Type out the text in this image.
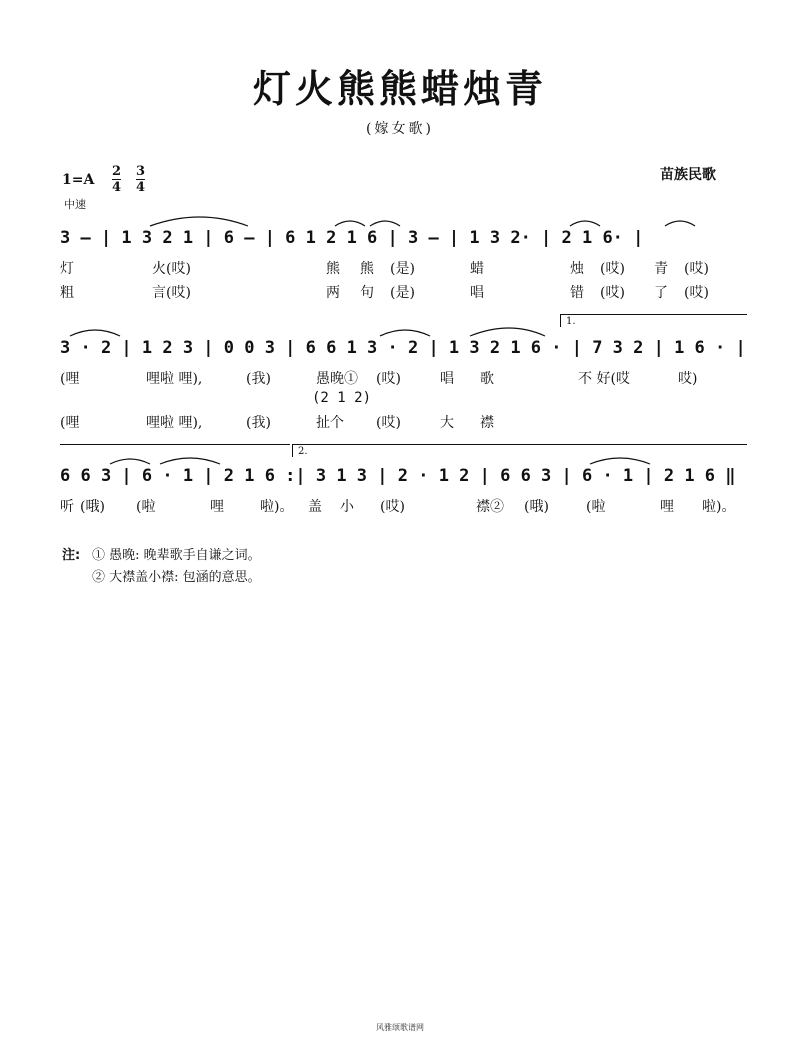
灯火熊熊蜡烛青
(嫁女歌)
苗族民歌
1=A
2
4
3
4
中速
3 – | 1 3 2 1 | 6 – | 6 1 2 1 6 | 3 – | 1 3 2· | 2 1 6· |
灯	火(哎)	熊 熊 (是)	蜡	烛 (哎) 青 (哎)
粗	言(哎)	两 句 (是)	唱	错 (哎) 了 (哎)
1.
3 · 2 | 1 2 3 | 0 0 3 | 6 6 1 3 · 2 | 1 3 2 1 6 · | 7 3 2 | 1 6 · |
(哩	哩啦 哩),	(我)	愚晚① (哎)	唱 歌	不 好(哎	哎)
(2 1 2)
(哩	哩啦 哩),	(我)	扯个 (哎)	大 襟
2.
6 6 3 | 6 · 1 | 2 1 6 :| 3 1 3 | 2 · 1 2 | 6 6 3 | 6 · 1 | 2 1 6 ‖
听 (哦) (啦	哩	啦)。 盖 小 (哎)	襟② (哦)	(啦	哩 啦)。
注: ① 愚晚: 晚辈歌手自谦之词。
② 大襟盖小襟: 包涵的意思。
风雅颂歌谱网
